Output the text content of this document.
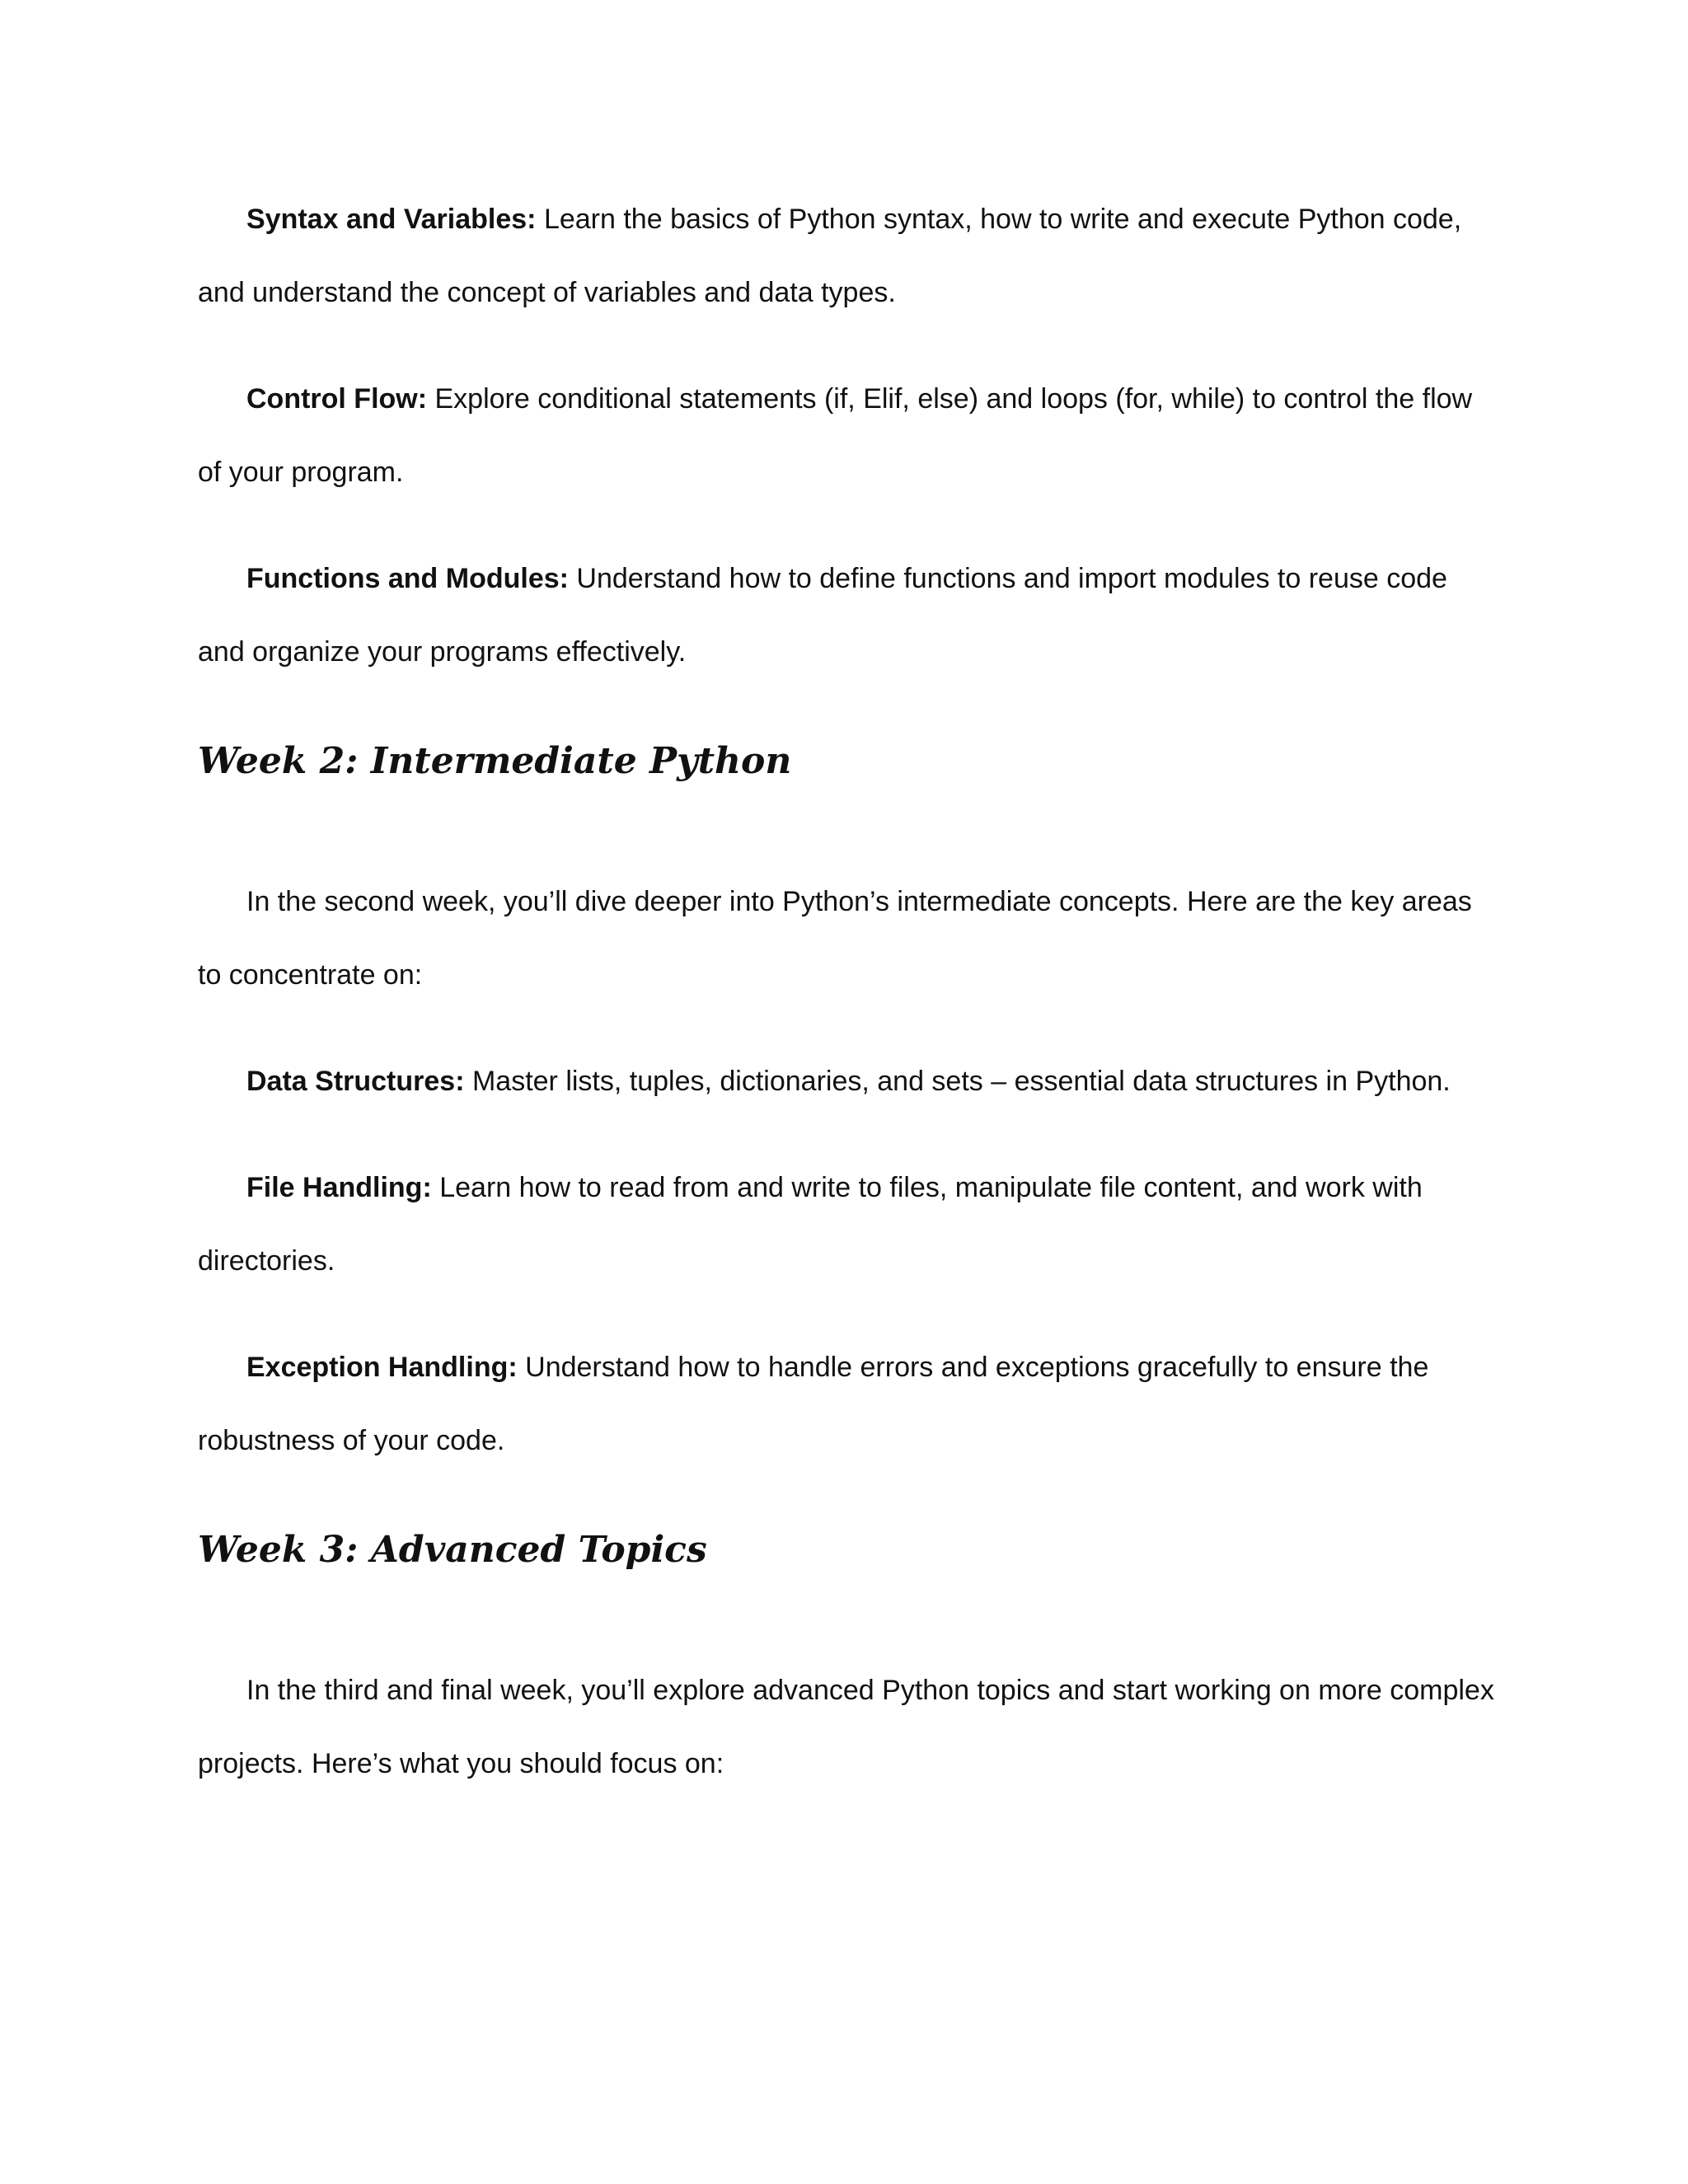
Syntax and Variables: Learn the basics of Python syntax, how to write and execute Python code, and understand the concept of variables and data types.

Control Flow: Explore conditional statements (if, Elif, else) and loops (for, while) to control the flow of your program.

Functions and Modules: Understand how to define functions and import modules to reuse code and organize your programs effectively.

Week 2: Intermediate Python

In the second week, you’ll dive deeper into Python’s intermediate concepts. Here are the key areas to concentrate on:

Data Structures: Master lists, tuples, dictionaries, and sets – essential data structures in Python.

File Handling: Learn how to read from and write to files, manipulate file content, and work with directories.

Exception Handling: Understand how to handle errors and exceptions gracefully to ensure the robustness of your code.

Week 3: Advanced Topics

In the third and final week, you’ll explore advanced Python topics and start working on more complex projects. Here’s what you should focus on:
